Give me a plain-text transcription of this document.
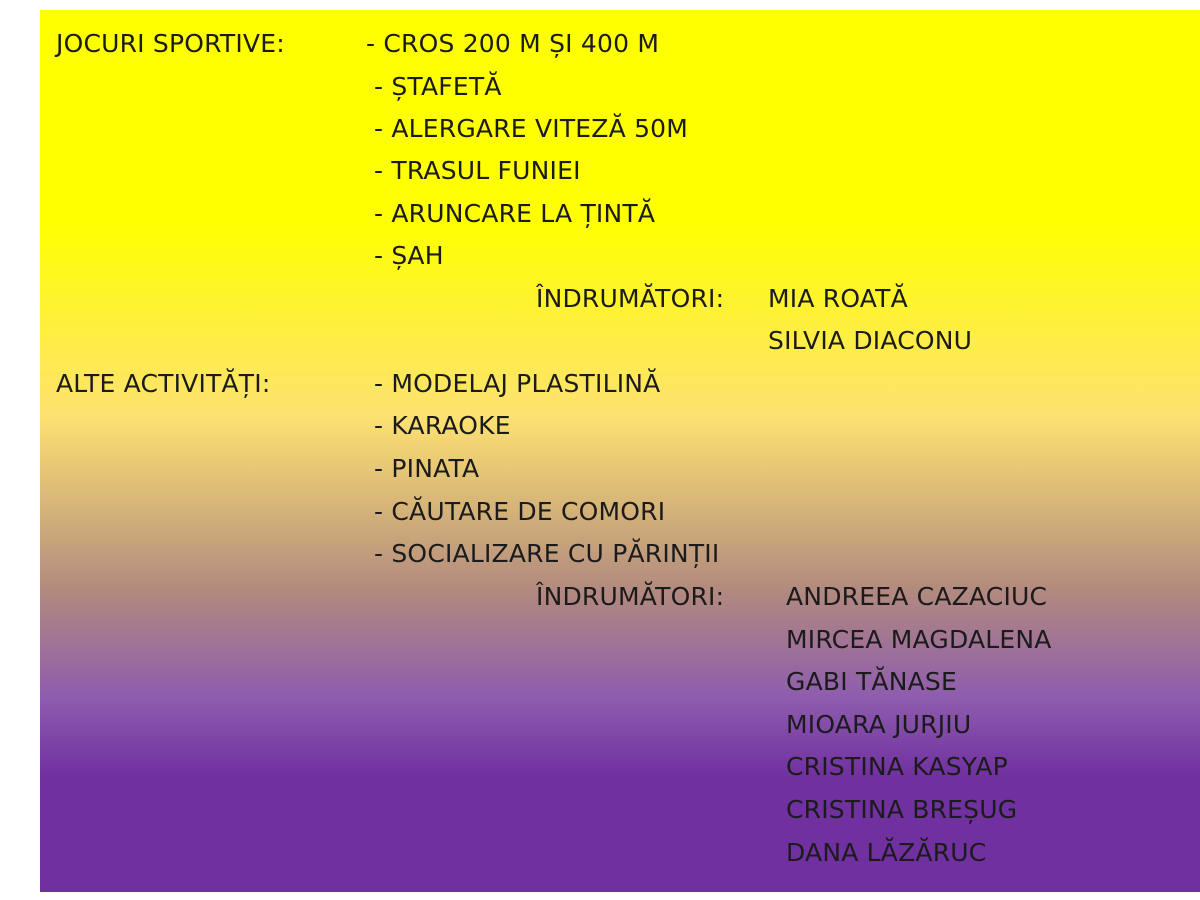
JOCURI SPORTIVE:	- CROS 200 M ȘI 400 M
- ȘTAFETĂ
- ALERGARE VITEZĂ 50M
- TRASUL FUNIEI
- ARUNCARE LA ȚINTĂ
- ȘAH
ÎNDRUMĂTORI: MIA ROATĂ
SILVIA DIACONU
ALTE ACTIVITĂȚI:	- MODELAJ PLASTILINĂ
- KARAOKE
- PINATA
- CĂUTARE DE COMORI
- SOCIALIZARE CU PĂRINȚII
ÎNDRUMĂTORI: ANDREEA CAZACIUC
MIRCEA MAGDALENA
GABI TĂNASE
MIOARA JURJIU
CRISTINA KASYAP
CRISTINA BREȘUG
DANA LĂZĂRUC
